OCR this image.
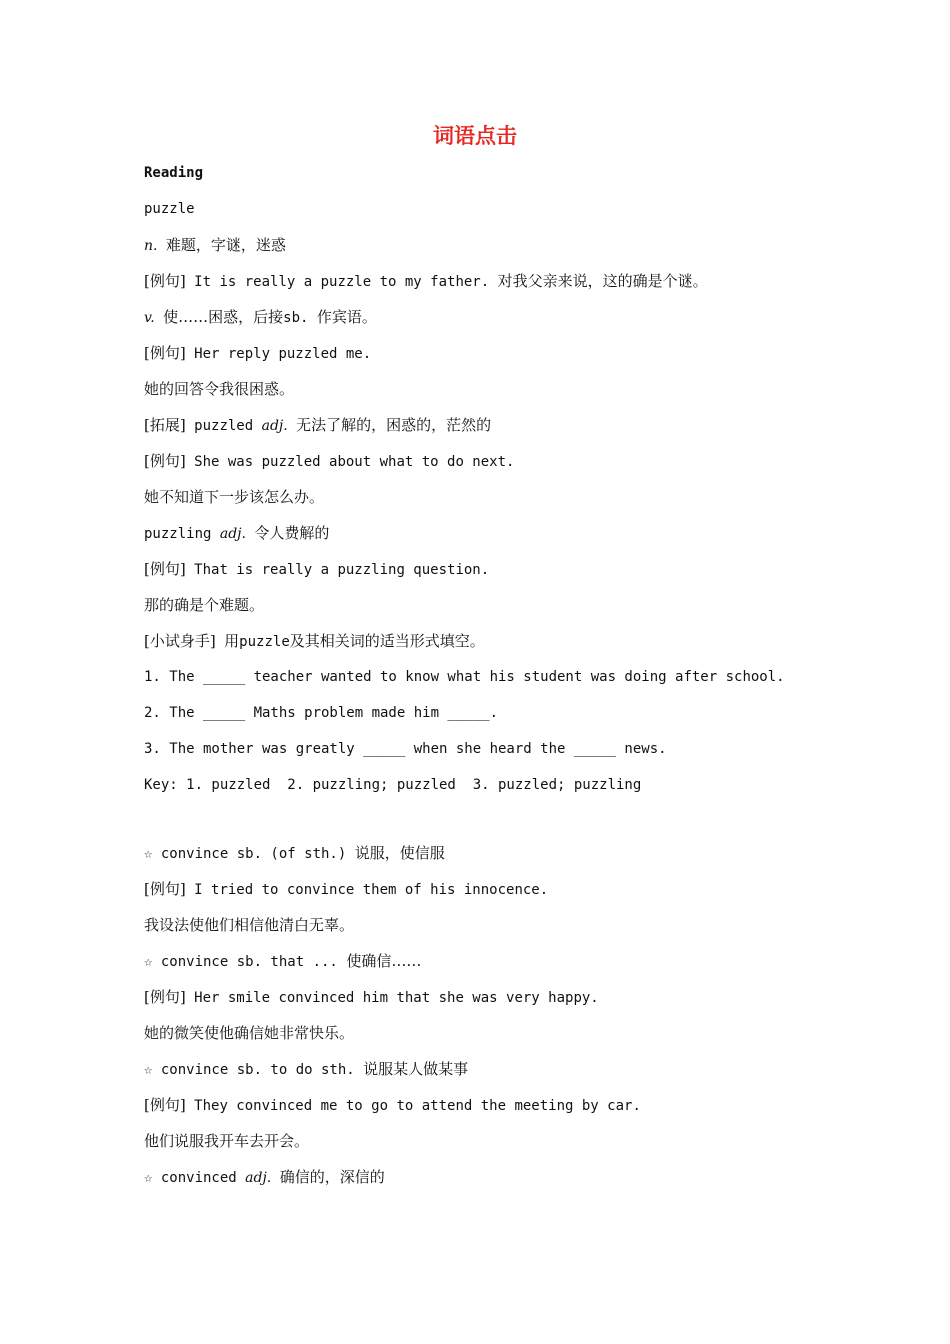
词语点击
Reading
puzzle
n. 难题，字谜，迷惑
[例句] It is really a puzzle to my father. 对我父亲来说，这的确是个谜。
v. 使……困惑，后接sb. 作宾语。
[例句] Her reply puzzled me.
她的回答令我很困惑。
[拓展] puzzled adj. 无法了解的，困惑的，茫然的
[例句] She was puzzled about what to do next.
她不知道下一步该怎么办。
puzzling adj. 令人费解的
[例句] That is really a puzzling question.
那的确是个难题。
[小试身手] 用puzzle及其相关词的适当形式填空。
1. The _____ teacher wanted to know what his student was doing after school.
2. The _____ Maths problem made him _____.
3. The mother was greatly _____ when she heard the _____ news.
Key: 1. puzzled  2. puzzling; puzzled  3. puzzled; puzzling
☆ convince sb. (of sth.) 说服，使信服
[例句] I tried to convince them of his innocence.
我设法使他们相信他清白无辜。
☆ convince sb. that ... 使确信……
[例句] Her smile convinced him that she was very happy.
她的微笑使他确信她非常快乐。
☆ convince sb. to do sth. 说服某人做某事
[例句] They convinced me to go to attend the meeting by car.
他们说服我开车去开会。
☆ convinced adj. 确信的，深信的
